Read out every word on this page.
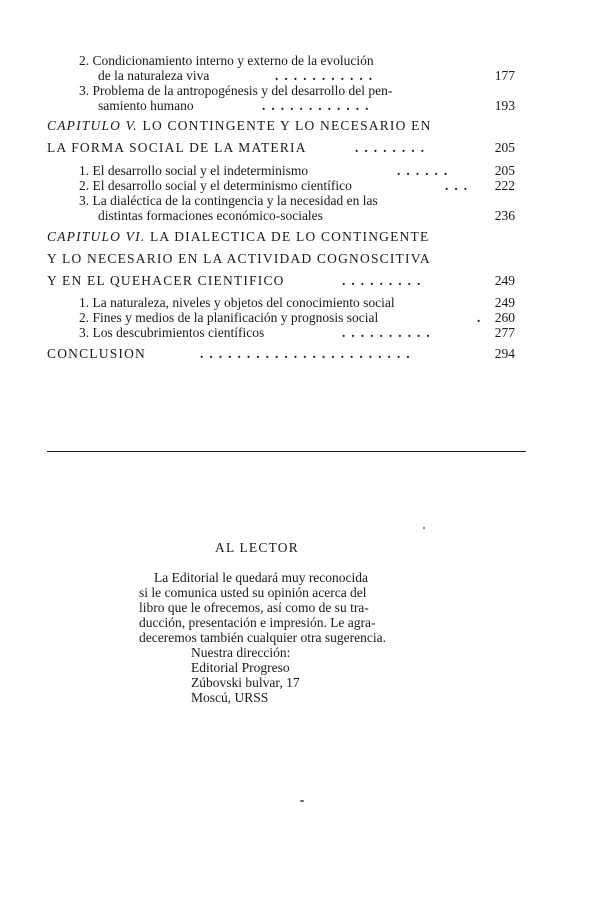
2. Condicionamiento interno y externo de la evolución
de la naturaleza viva	...........	177
3. Problema de la antropogénesis y del desarrollo del pen-
samiento humano	............	193
CAPITULO V. LO CONTINGENTE Y LO NECESARIO EN
LA FORMA SOCIAL DE LA MATERIA	........	205
1. El desarrollo social y el indeterminismo	......	205
2. El desarrollo social y el determinismo científico	...	222
3. La dialéctica de la contingencia y la necesidad en las
distintas formaciones económico-sociales	236
CAPITULO VI. LA DIALECTICA DE LO CONTINGENTE
Y LO NECESARIO EN LA ACTIVIDAD COGNOSCITIVA
Y EN EL QUEHACER CIENTIFICO	.........	249
1. La naturaleza, niveles y objetos del conocimiento social	249
2. Fines y medios de la planificación y prognosis social	. 260
3. Los descubrimientos científicos	..........	277
CONCLUSION	.......................	294
AL LECTOR
La Editorial le quedará muy reconocida
si le comunica usted su opinión acerca del
libro que le ofrecemos, así como de su tra-
ducción, presentación e impresión. Le agra-
deceremos también cualquier otra sugerencia.
Nuestra dirección:
Editorial Progreso
Zúbovski bulvar, 17
Moscú, URSS
